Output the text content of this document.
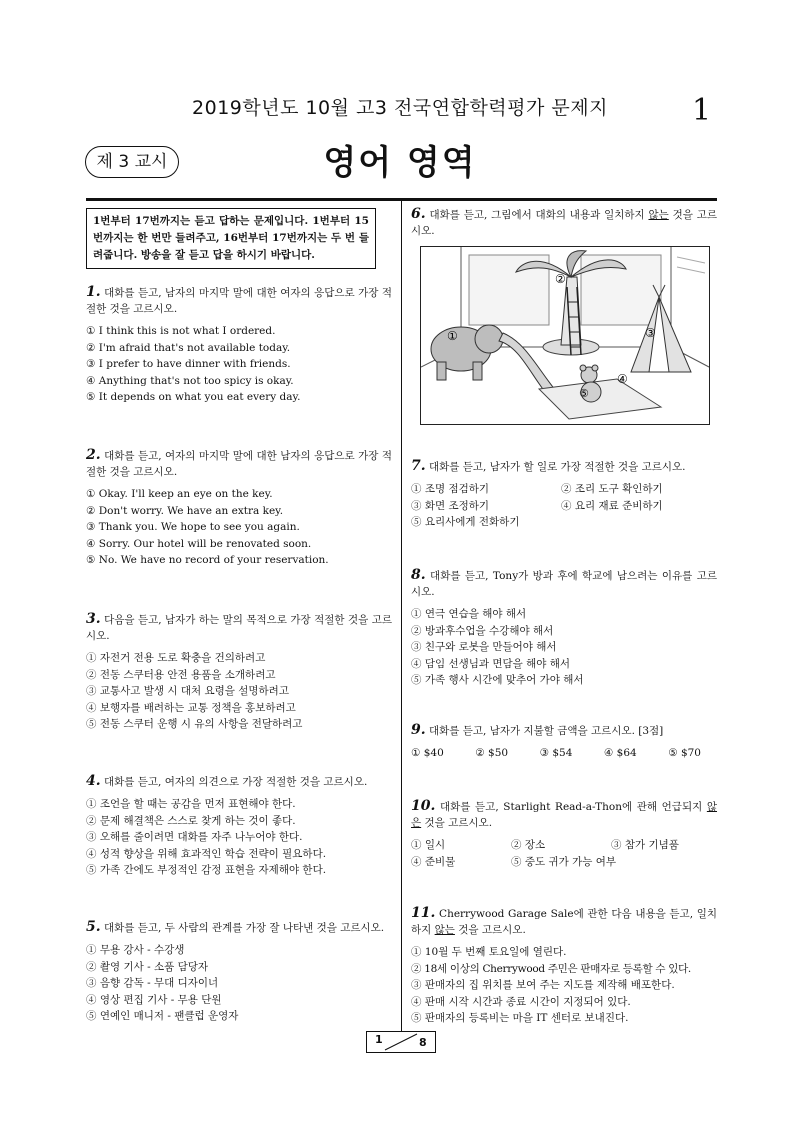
2019학년도 10월 고3 전국연합학력평가 문제지	1
제 3 교시	영어 영역
1번부터 17번까지는 듣고 답하는 문제입니다. 1번부터 15번까지는 한 번만 들려주고, 16번부터 17번까지는 두 번 들려줍니다. 방송을 잘 듣고 답을 하시기 바랍니다.
1. 대화를 듣고, 남자의 마지막 말에 대한 여자의 응답으로 가장 적절한 것을 고르시오.
① I think this is not what I ordered.
② I'm afraid that's not available today.
③ I prefer to have dinner with friends.
④ Anything that's not too spicy is okay.
⑤ It depends on what you eat every day.
2. 대화를 듣고, 여자의 마지막 말에 대한 남자의 응답으로 가장 적절한 것을 고르시오.
① Okay. I'll keep an eye on the key.
② Don't worry. We have an extra key.
③ Thank you. We hope to see you again.
④ Sorry. Our hotel will be renovated soon.
⑤ No. We have no record of your reservation.
3. 다음을 듣고, 남자가 하는 말의 목적으로 가장 적절한 것을 고르시오.
① 자전거 전용 도로 확충을 건의하려고
② 전동 스쿠터용 안전 용품을 소개하려고
③ 교통사고 발생 시 대처 요령을 설명하려고
④ 보행자를 배려하는 교통 정책을 홍보하려고
⑤ 전동 스쿠터 운행 시 유의 사항을 전달하려고
4. 대화를 듣고, 여자의 의견으로 가장 적절한 것을 고르시오.
① 조언을 할 때는 공감을 먼저 표현해야 한다.
② 문제 해결책은 스스로 찾게 하는 것이 좋다.
③ 오해를 줄이려면 대화를 자주 나누어야 한다.
④ 성적 향상을 위해 효과적인 학습 전략이 필요하다.
⑤ 가족 간에도 부정적인 감정 표현을 자제해야 한다.
5. 대화를 듣고, 두 사람의 관계를 가장 잘 나타낸 것을 고르시오.
① 무용 강사 - 수강생
② 촬영 기사 - 소품 담당자
③ 음향 감독 - 무대 디자이너
④ 영상 편집 기사 - 무용 단원
⑤ 연예인 매니저 - 팬클럽 운영자
6. 대화를 듣고, 그림에서 대화의 내용과 일치하지 않는 것을 고르시오.
①
②
③
④
⑤
7. 대화를 듣고, 남자가 할 일로 가장 적절한 것을 고르시오.
① 조명 점검하기	② 조리 도구 확인하기
③ 화면 조정하기	④ 요리 재료 준비하기
⑤ 요리사에게 전화하기
8. 대화를 듣고, Tony가 방과 후에 학교에 남으려는 이유를 고르시오.
① 연극 연습을 해야 해서
② 방과후수업을 수강해야 해서
③ 친구와 로봇을 만들어야 해서
④ 담임 선생님과 면담을 해야 해서
⑤ 가족 행사 시간에 맞추어 가야 해서
9. 대화를 듣고, 남자가 지불할 금액을 고르시오. [3점]
① $40	② $50	③ $54	④ $64	⑤ $70
10. 대화를 듣고, Starlight Read-a-Thon에 관해 언급되지 않은 것을 고르시오.
① 일시	② 장소	③ 참가 기념품
④ 준비물	⑤ 중도 귀가 가능 여부
11. Cherrywood Garage Sale에 관한 다음 내용을 듣고, 일치하지 않는 것을 고르시오.
① 10월 두 번째 토요일에 열린다.
② 18세 이상의 Cherrywood 주민은 판매자로 등록할 수 있다.
③ 판매자의 집 위치를 보여 주는 지도를 제작해 배포한다.
④ 판매 시작 시간과 종료 시간이 지정되어 있다.
⑤ 판매자의 등록비는 마을 IT 센터로 보내진다.
1	8
